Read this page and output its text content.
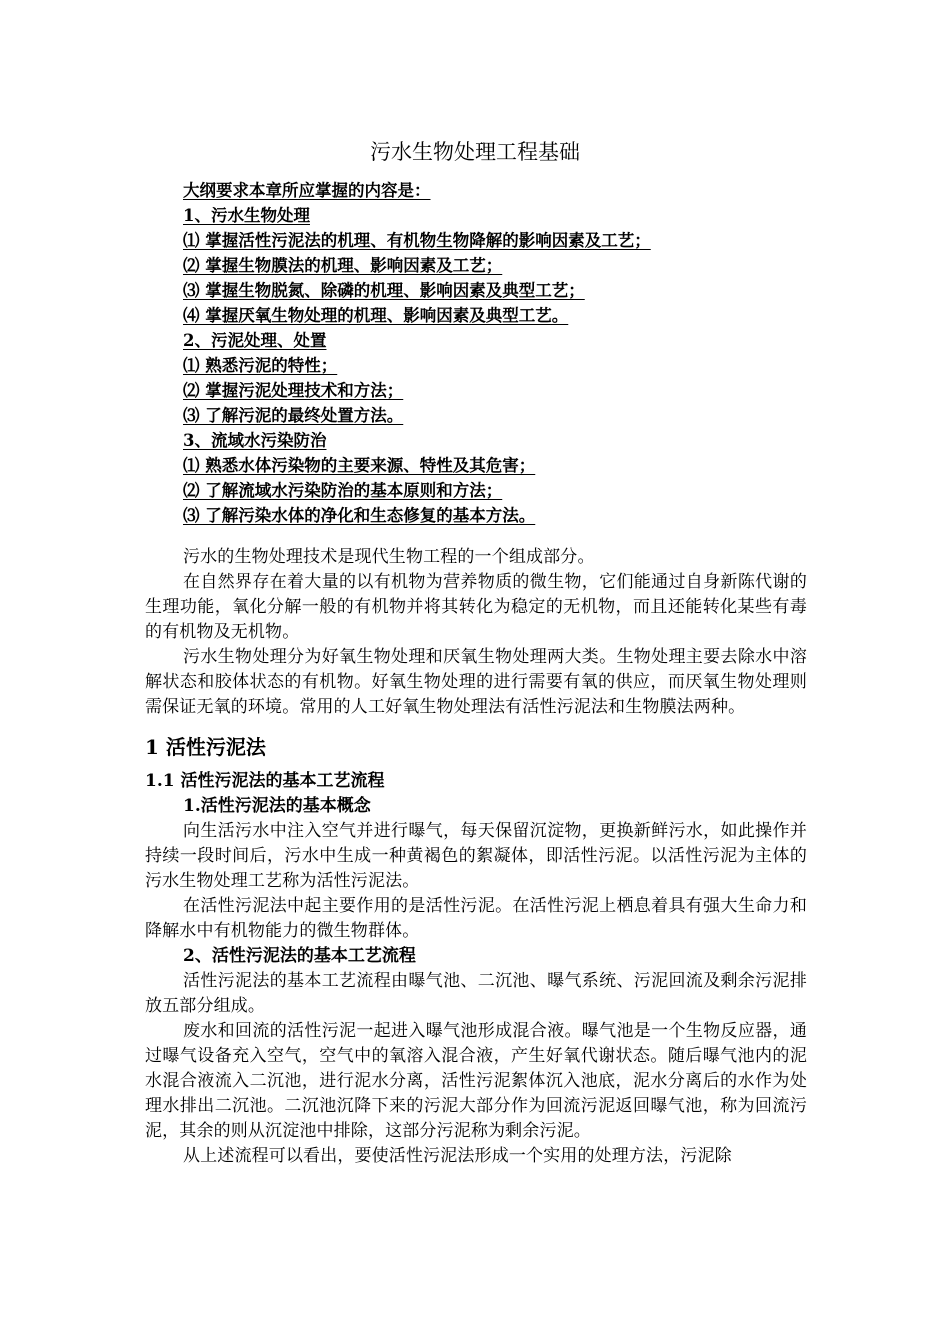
污水生物处理工程基础
大纲要求本章所应掌握的内容是：
1、污水生物处理
⑴ 掌握活性污泥法的机理、有机物生物降解的影响因素及工艺；
⑵ 掌握生物膜法的机理、影响因素及工艺；
⑶ 掌握生物脱氮、除磷的机理、影响因素及典型工艺；
⑷ 掌握厌氧生物处理的机理、影响因素及典型工艺。
2、污泥处理、处置
⑴ 熟悉污泥的特性；
⑵ 掌握污泥处理技术和方法；
⑶ 了解污泥的最终处置方法。
3、流域水污染防治
⑴ 熟悉水体污染物的主要来源、特性及其危害；
⑵ 了解流域水污染防治的基本原则和方法；
⑶ 了解污染水体的净化和生态修复的基本方法。

污水的生物处理技术是现代生物工程的一个组成部分。

在自然界存在着大量的以有机物为营养物质的微生物，它们能通过自身新陈代谢的生理功能，氧化分解一般的有机物并将其转化为稳定的无机物，而且还能转化某些有毒的有机物及无机物。

污水生物处理分为好氧生物处理和厌氧生物处理两大类。生物处理主要去除水中溶解状态和胶体状态的有机物。好氧生物处理的进行需要有氧的供应，而厌氧生物处理则需保证无氧的环境。常用的人工好氧生物处理法有活性污泥法和生物膜法两种。

1 活性污泥法
1.1 活性污泥法的基本工艺流程
1.活性污泥法的基本概念

向生活污水中注入空气并进行曝气，每天保留沉淀物，更换新鲜污水，如此操作并持续一段时间后，污水中生成一种黄褐色的絮凝体，即活性污泥。以活性污泥为主体的污水生物处理工艺称为活性污泥法。

在活性污泥法中起主要作用的是活性污泥。在活性污泥上栖息着具有强大生命力和降解水中有机物能力的微生物群体。

2、活性污泥法的基本工艺流程

活性污泥法的基本工艺流程由曝气池、二沉池、曝气系统、污泥回流及剩余污泥排放五部分组成。

废水和回流的活性污泥一起进入曝气池形成混合液。曝气池是一个生物反应器，通过曝气设备充入空气，空气中的氧溶入混合液，产生好氧代谢状态。随后曝气池内的泥水混合液流入二沉池，进行泥水分离，活性污泥絮体沉入池底，泥水分离后的水作为处理水排出二沉池。二沉池沉降下来的污泥大部分作为回流污泥返回曝气池，称为回流污泥，其余的则从沉淀池中排除，这部分污泥称为剩余污泥。

从上述流程可以看出，要使活性污泥法形成一个实用的处理方法，污泥除
